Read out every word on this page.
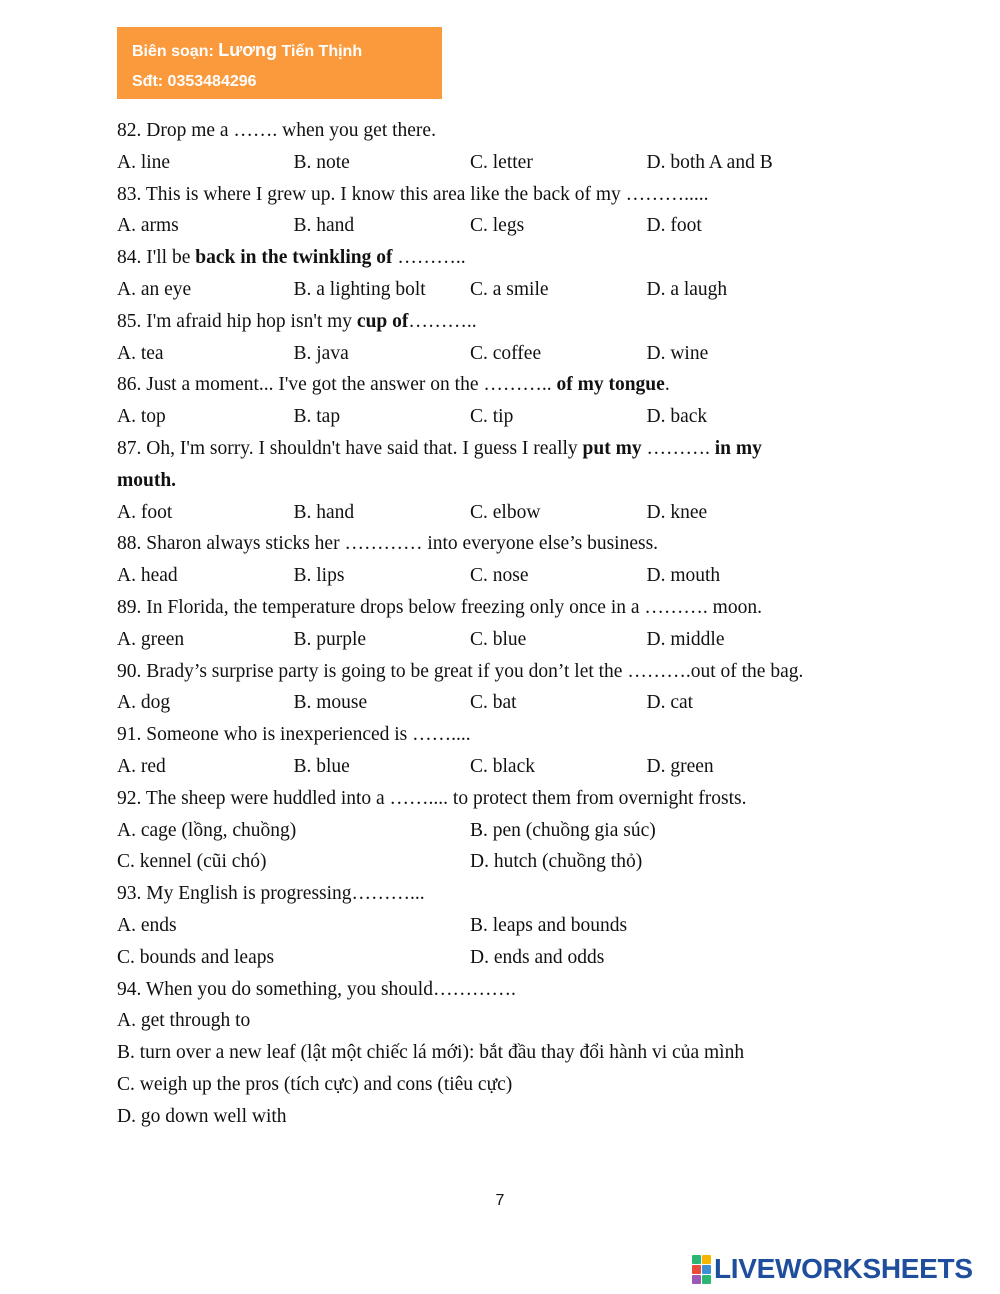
Biên soạn: Lương Tiến Thịnh
Sđt: 0353484296
82. Drop me a ……. when you get there.
A. line	B. note	C. letter	D. both A and B
83. This is where I grew up. I know this area like the back of my ……….....
A. arms	B. hand	C. legs	D. foot
84. I'll be back in the twinkling of ………..
A. an eye	B. a lighting bolt	C. a smile	D. a laugh
85. I'm afraid hip hop isn't my cup of………..
A. tea	B. java	C. coffee	D. wine
86. Just a moment... I've got the answer on the ……….. of my tongue.
A. top	B. tap	C. tip	D. back
87. Oh, I'm sorry. I shouldn't have said that. I guess I really put my ………. in my
mouth.
A. foot	B. hand	C. elbow	D. knee
88. Sharon always sticks her ………… into everyone else’s business.
A. head	B. lips	C. nose	D. mouth
89. In Florida, the temperature drops below freezing only once in a ………. moon.
A. green	B. purple	C. blue	D. middle
90. Brady’s surprise party is going to be great if you don’t let the ……….out of the bag.
A. dog	B. mouse	C. bat	D. cat
91. Someone who is inexperienced is ……....
A. red	B. blue	C. black	D. green
92. The sheep were huddled into a …….... to protect them from overnight frosts.
A. cage (lồng, chuồng)	B. pen (chuồng gia súc)
C. kennel (cũi chó)	D. hutch (chuồng thỏ)
93. My English is progressing………...
A. ends	B. leaps and bounds
C. bounds and leaps	D. ends and odds
94. When you do something, you should………….
A. get through to
B. turn over a new leaf (lật một chiếc lá mới): bắt đầu thay đổi hành vi của mình
C. weigh up the pros (tích cực) and cons (tiêu cực)
D. go down well with
7
LIVEWORKSHEETS
